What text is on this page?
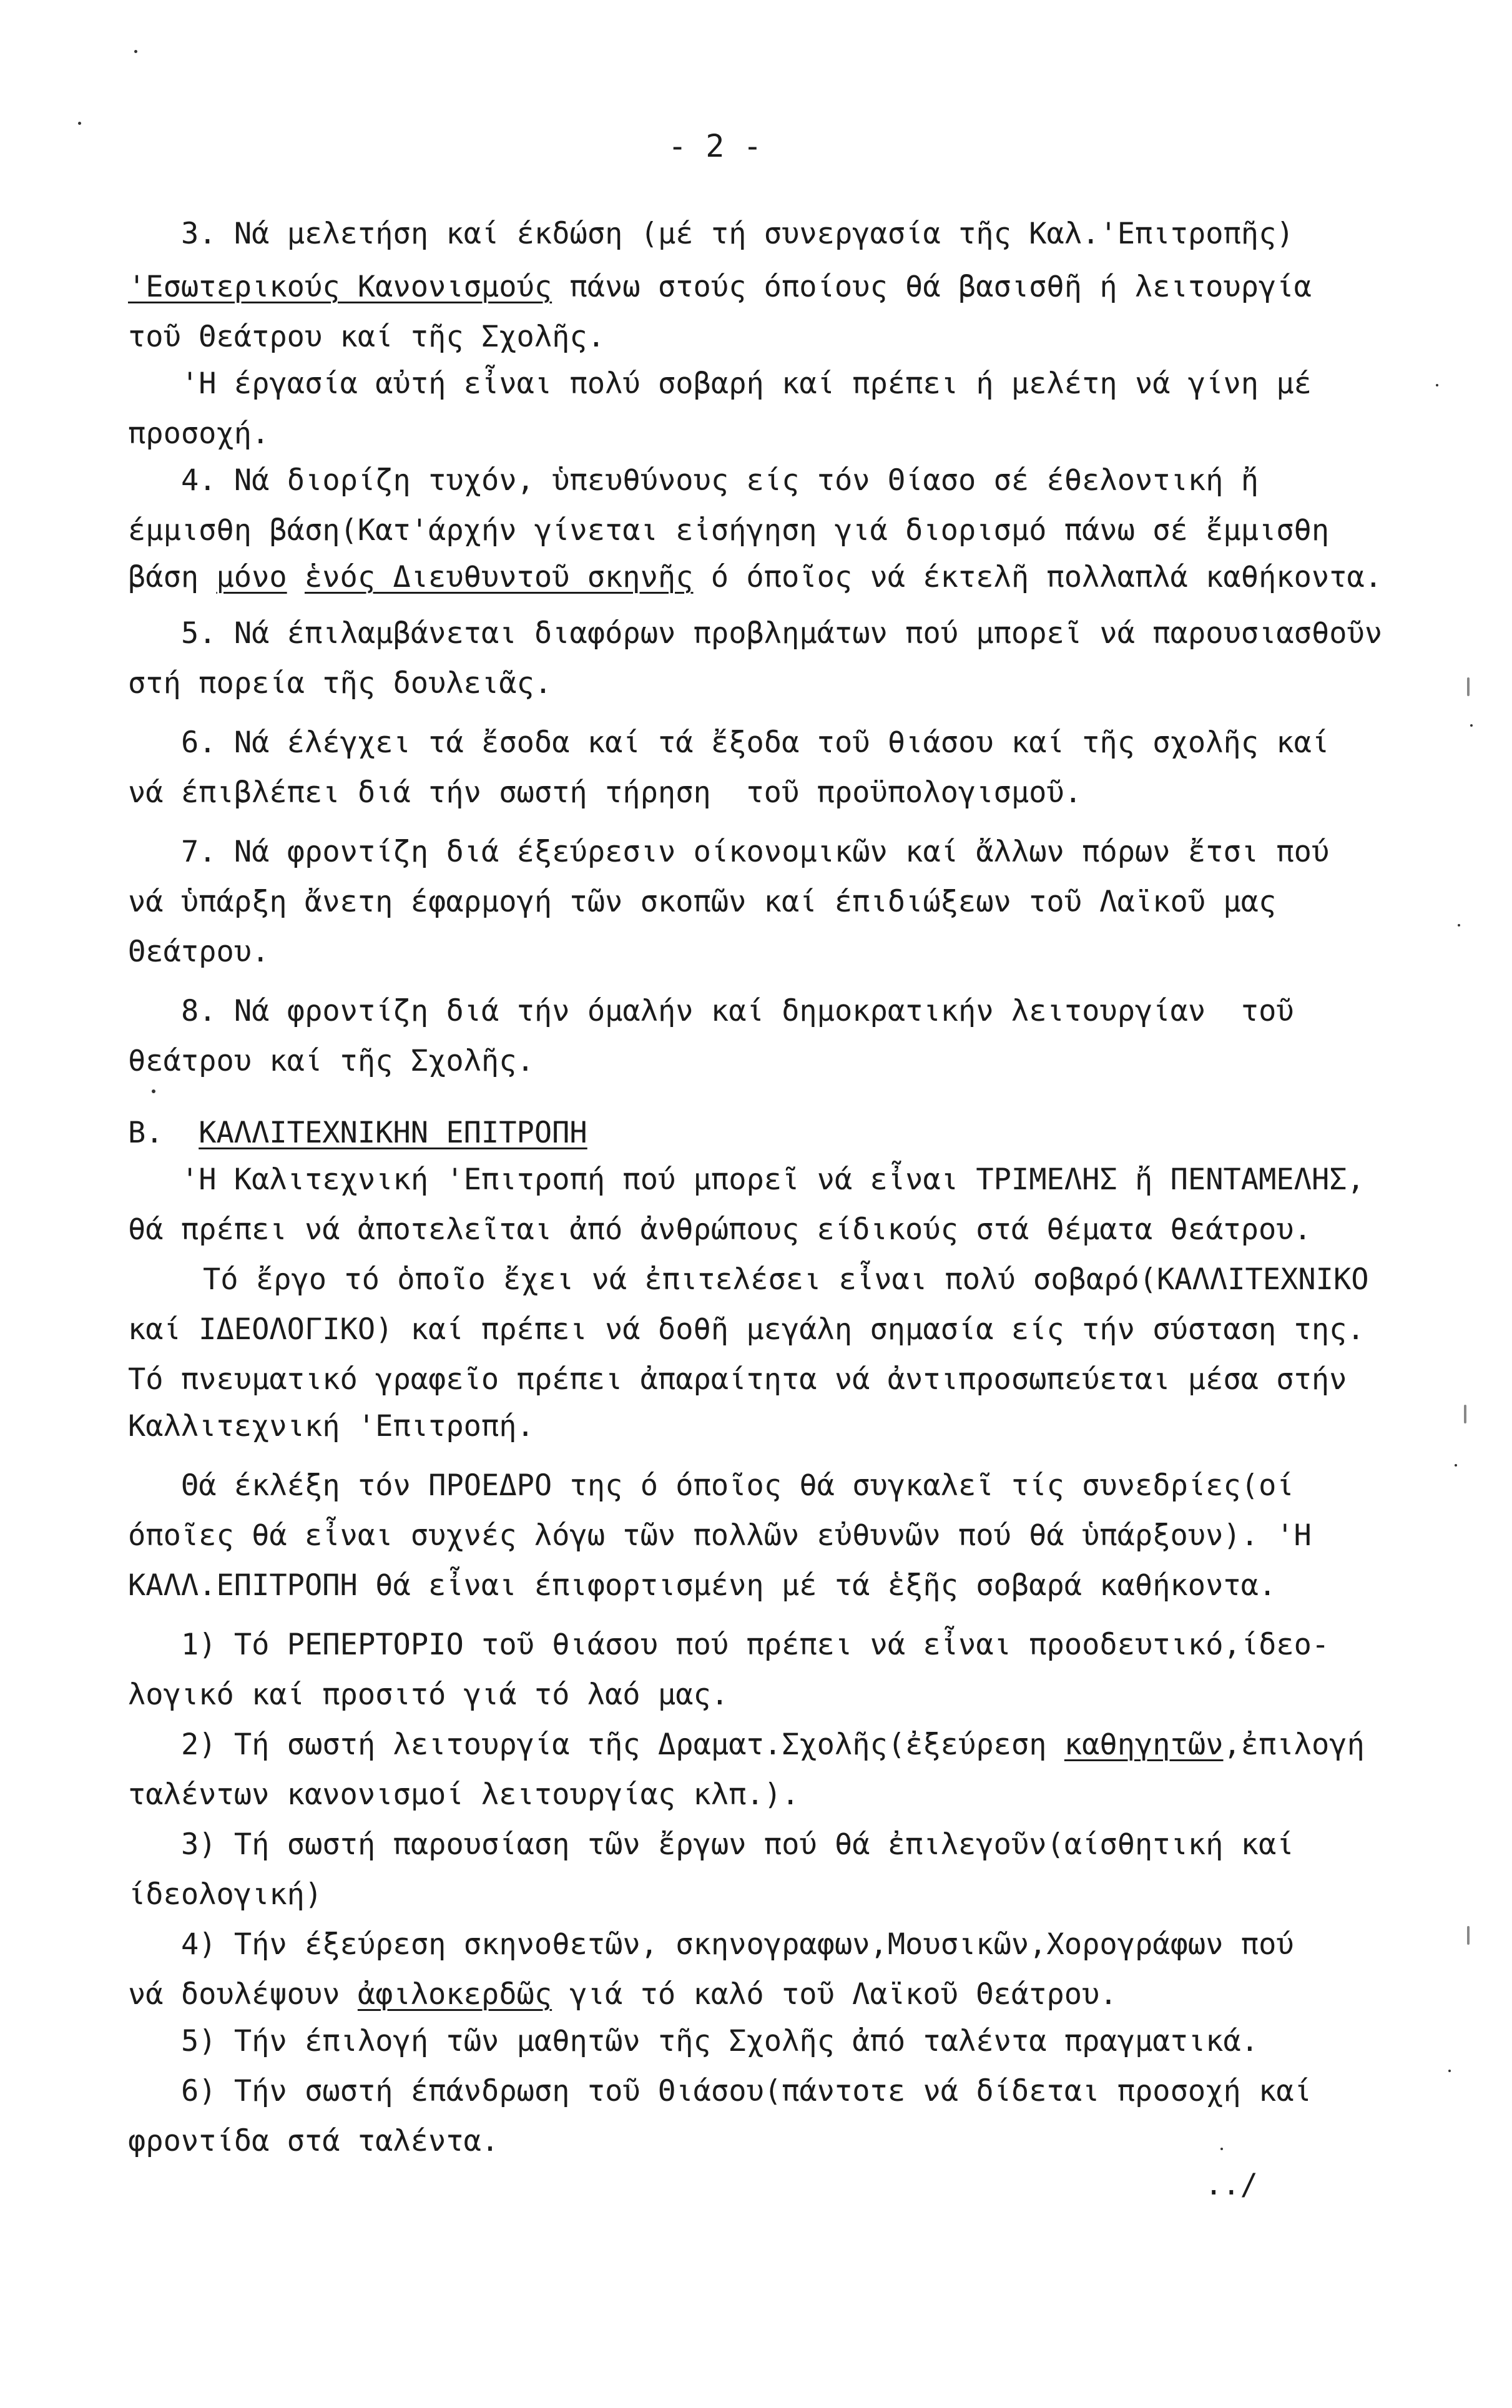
- 2 -
3. Νά μελετήση καί έκδώση (μέ τή συνεργασία τῆς Καλ.'Επιτροπῆς)
'Εσωτερικούς Κανονισμούς πάνω στούς όποίους θά βασισθῆ ή λειτουργία
τοῦ Θεάτρου καί τῆς Σχολῆς.
'Η έργασία αὐτή εἶναι πολύ σοβαρή καί πρέπει ή μελέτη νά γίνη μέ
προσοχή.
4. Νά διορίζη τυχόν, ὑπευθύνους είς τόν Θίασο σέ έθελοντική ἤ
έμμισθη βάση(Κατ'άρχήν γίνεται εἰσήγηση γιά διορισμό πάνω σέ ἔμμισθη
βάση μόνο ἑνός Διευθυντοῦ σκηνῆς ό όποῖος νά έκτελῆ πολλαπλά καθήκοντα.
5. Νά έπιλαμβάνεται διαφόρων προβλημάτων πού μπορεῖ νά παρουσιασθοῦν
στή πορεία τῆς δουλειᾶς.
6. Νά έλέγχει τά ἔσοδα καί τά ἔξοδα τοῦ θιάσου καί τῆς σχολῆς καί
νά έπιβλέπει διά τήν σωστή τήρηση  τοῦ προϋπολογισμοῦ.
7. Νά φροντίζη διά έξεύρεσιν οίκονομικῶν καί ἄλλων πόρων ἔτσι πού
νά ὑπάρξη ἄνετη έφαρμογή τῶν σκοπῶν καί έπιδιώξεων τοῦ Λαϊκοῦ μας
Θεάτρου.
8. Νά φροντίζη διά τήν όμαλήν καί δημοκρατικήν λειτουργίαν  τοῦ
θεάτρου καί τῆς Σχολῆς.
Β.  ΚΑΛΛΙΤΕΧΝΙΚΗΝ ΕΠΙΤΡΟΠΗ
'Η Καλιτεχνική 'Επιτροπή πού μπορεῖ νά εἶναι ΤΡΙΜΕΛΗΣ ἤ ΠΕΝΤΑΜΕΛΗΣ,
θά πρέπει νά ἀποτελεῖται ἀπό ἀνθρώπους είδικούς στά θέματα θεάτρου.
Τό ἔργο τό ὁποῖο ἔχει νά ἐπιτελέσει εἶναι πολύ σοβαρό(ΚΑΛΛΙΤΕΧΝΙΚΟ
καί ΙΔΕΟΛΟΓΙΚΟ) καί πρέπει νά δοθῆ μεγάλη σημασία είς τήν σύσταση της.
Τό πνευματικό γραφεῖο πρέπει ἀπαραίτητα νά ἀντιπροσωπεύεται μέσα στήν
Καλλιτεχνική 'Επιτροπή.
Θά έκλέξη τόν ΠΡΟΕΔΡΟ της ό όποῖος θά συγκαλεῖ τίς συνεδρίες(οί
όποῖες θά εἶναι συχνές λόγω τῶν πολλῶν εὐθυνῶν πού θά ὑπάρξουν). 'Η
ΚΑΛΛ.ΕΠΙΤΡΟΠΗ θά εἶναι έπιφορτισμένη μέ τά ἑξῆς σοβαρά καθήκοντα.
1) Τό ΡΕΠΕΡΤΟΡΙΟ τοῦ θιάσου πού πρέπει νά εἶναι προοδευτικό,ίδεο-
λογικό καί προσιτό γιά τό λαό μας.
2) Τή σωστή λειτουργία τῆς Δραματ.Σχολῆς(ἐξεύρεση καθηγητῶν,ἐπιλογή
ταλέντων κανονισμοί λειτουργίας κλπ.).
3) Τή σωστή παρουσίαση τῶν ἔργων πού θά ἐπιλεγοῦν(αίσθητική καί
ίδεολογική)
4) Τήν έξεύρεση σκηνοθετῶν, σκηνογραφων,Μουσικῶν,Χορογράφων πού
νά δουλέψουν ἀφιλοκερδῶς γιά τό καλό τοῦ Λαϊκοῦ Θεάτρου.
5) Τήν έπιλογή τῶν μαθητῶν τῆς Σχολῆς ἀπό ταλέντα πραγματικά.
6) Τήν σωστή έπάνδρωση τοῦ Θιάσου(πάντοτε νά δίδεται προσοχή καί
φροντίδα στά ταλέντα.
../
